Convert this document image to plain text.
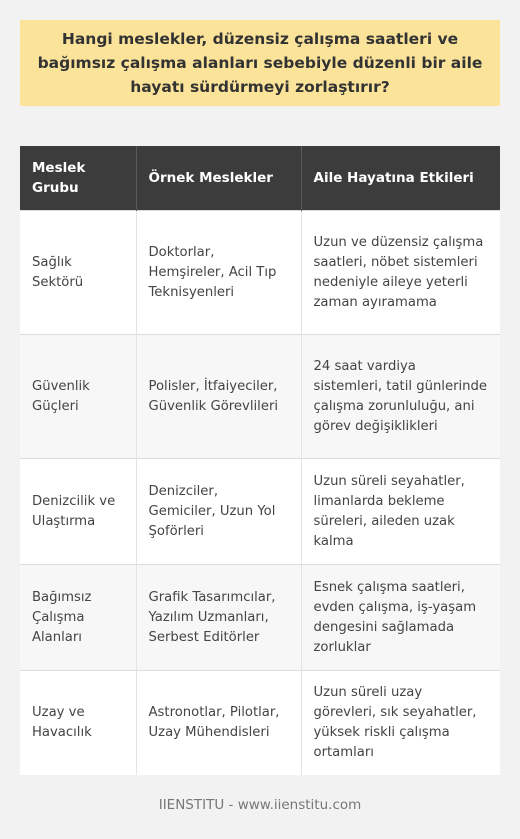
Hangi meslekler, düzensiz çalışma saatleri ve bağımsız çalışma alanları sebebiyle düzenli bir aile hayatı sürdürmeyi zorlaştırır?
Meslek Grubu	Örnek Meslekler	Aile Hayatına Etkileri
Sağlık Sektörü	Doktorlar, Hemşireler, Acil Tıp Teknisyenleri	Uzun ve düzensiz çalışma saatleri, nöbet sistemleri nedeniyle aileye yeterli zaman ayıramama
Güvenlik Güçleri	Polisler, İtfaiyeciler, Güvenlik Görevlileri	24 saat vardiya sistemleri, tatil günlerinde çalışma zorunluluğu, ani görev değişiklikleri
Denizcilik ve Ulaştırma	Denizciler, Gemiciler, Uzun Yol Şoförleri	Uzun süreli seyahatler, limanlarda bekleme süreleri, aileden uzak kalma
Bağımsız Çalışma Alanları	Grafik Tasarımcılar, Yazılım Uzmanları, Serbest Editörler	Esnek çalışma saatleri, evden çalışma, iş-yaşam dengesini sağlamada zorluklar
Uzay ve Havacılık	Astronotlar, Pilotlar, Uzay Mühendisleri	Uzun süreli uzay görevleri, sık seyahatler, yüksek riskli çalışma ortamları
IIENSTITU - www.iienstitu.com
